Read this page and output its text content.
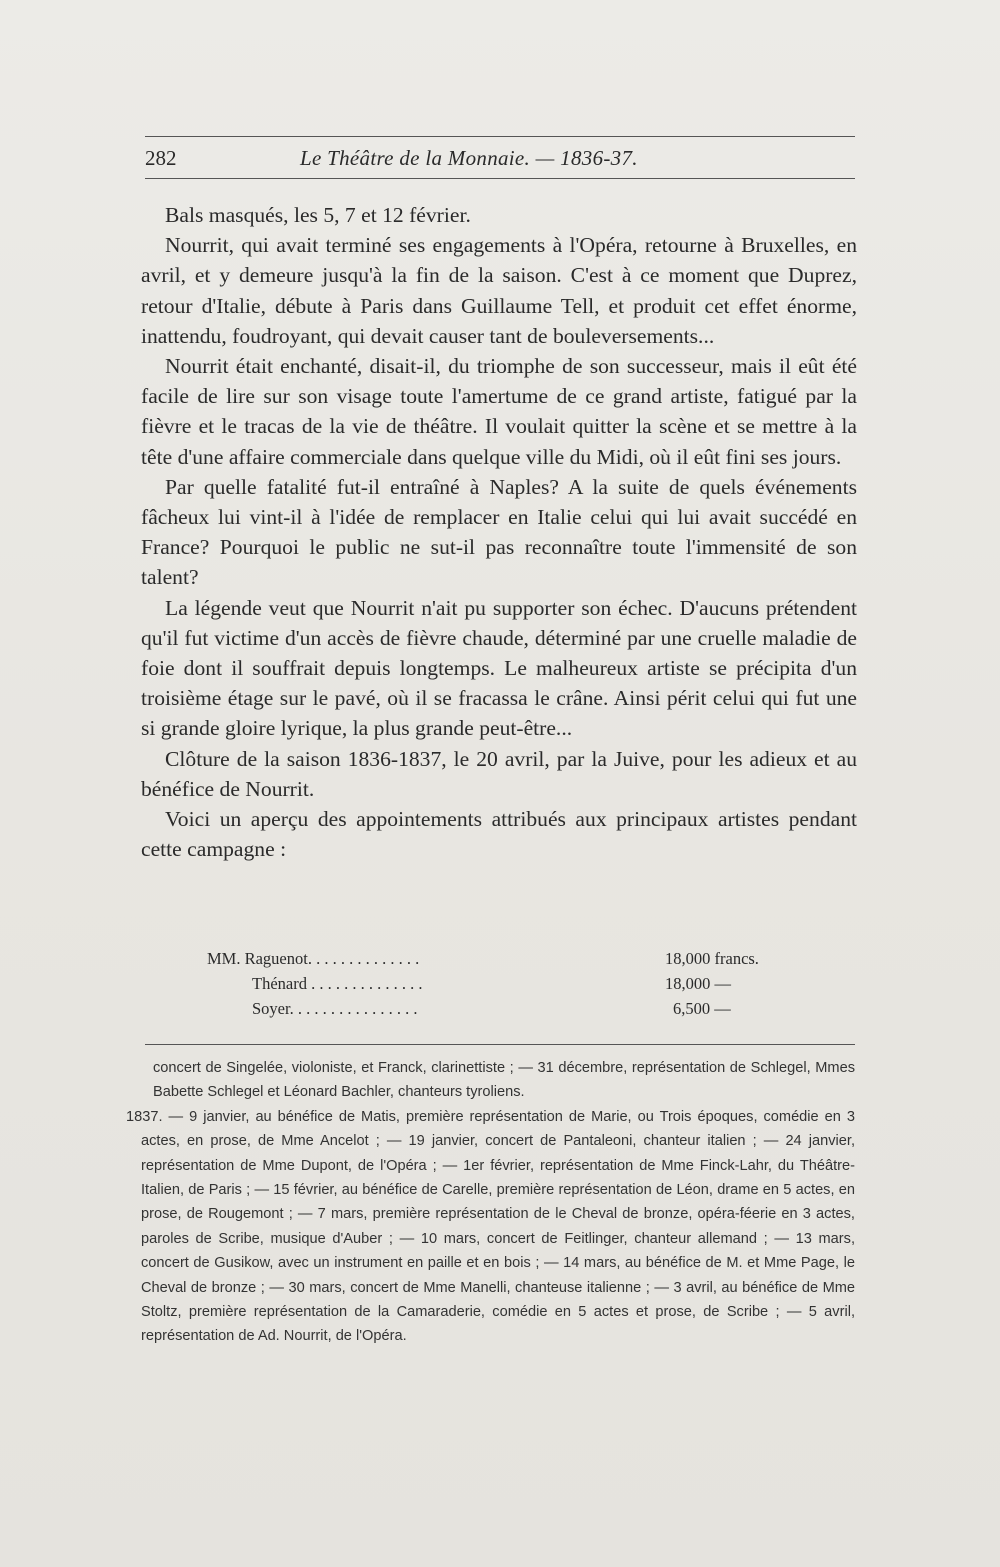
282	Le Théâtre de la Monnaie. — 1836-37.

Bals masqués, les 5, 7 et 12 février.

Nourrit, qui avait terminé ses engagements à l'Opéra, retourne à Bruxelles, en avril, et y demeure jusqu'à la fin de la saison. C'est à ce moment que Duprez, retour d'Italie, débute à Paris dans Guillaume Tell, et produit cet effet énorme, inattendu, foudroyant, qui devait causer tant de bouleversements...

Nourrit était enchanté, disait-il, du triomphe de son successeur, mais il eût été facile de lire sur son visage toute l'amertume de ce grand artiste, fatigué par la fièvre et le tracas de la vie de théâtre. Il voulait quitter la scène et se mettre à la tête d'une affaire commerciale dans quelque ville du Midi, où il eût fini ses jours.

Par quelle fatalité fut-il entraîné à Naples? A la suite de quels événements fâcheux lui vint-il à l'idée de remplacer en Italie celui qui lui avait succédé en France? Pourquoi le public ne sut-il pas reconnaître toute l'immensité de son talent?

La légende veut que Nourrit n'ait pu supporter son échec. D'aucuns prétendent qu'il fut victime d'un accès de fièvre chaude, déterminé par une cruelle maladie de foie dont il souffrait depuis longtemps. Le malheureux artiste se précipita d'un troisième étage sur le pavé, où il se fracassa le crâne. Ainsi périt celui qui fut une si grande gloire lyrique, la plus grande peut-être...

Clôture de la saison 1836-1837, le 20 avril, par la Juive, pour les adieux et au bénéfice de Nourrit.

Voici un aperçu des appointements attribués aux principaux artistes pendant cette campagne :

MM. Raguenot. . . . . . . . . . . . . .	18,000 francs.
Thénard . . . . . . . . . . . . . .	18,000 —
Soyer. . . . . . . . . . . . . . . .	6,500 —

concert de Singelée, violoniste, et Franck, clarinettiste ; — 31 décembre, représentation de Schlegel, Mmes Babette Schlegel et Léonard Bachler, chanteurs tyroliens.

1837. — 9 janvier, au bénéfice de Matis, première représentation de Marie, ou Trois époques, comédie en 3 actes, en prose, de Mme Ancelot ; — 19 janvier, concert de Pantaleoni, chanteur italien ; — 24 janvier, représentation de Mme Dupont, de l'Opéra ; — 1er février, représentation de Mme Finck-Lahr, du Théâtre-Italien, de Paris ; — 15 février, au bénéfice de Carelle, première représentation de Léon, drame en 5 actes, en prose, de Rougemont ; — 7 mars, première représentation de le Cheval de bronze, opéra-féerie en 3 actes, paroles de Scribe, musique d'Auber ; — 10 mars, concert de Feitlinger, chanteur allemand ; — 13 mars, concert de Gusikow, avec un instrument en paille et en bois ; — 14 mars, au bénéfice de M. et Mme Page, le Cheval de bronze ; — 30 mars, concert de Mme Manelli, chanteuse italienne ; — 3 avril, au bénéfice de Mme Stoltz, première représentation de la Camaraderie, comédie en 5 actes et prose, de Scribe ; — 5 avril, représentation de Ad. Nourrit, de l'Opéra.
